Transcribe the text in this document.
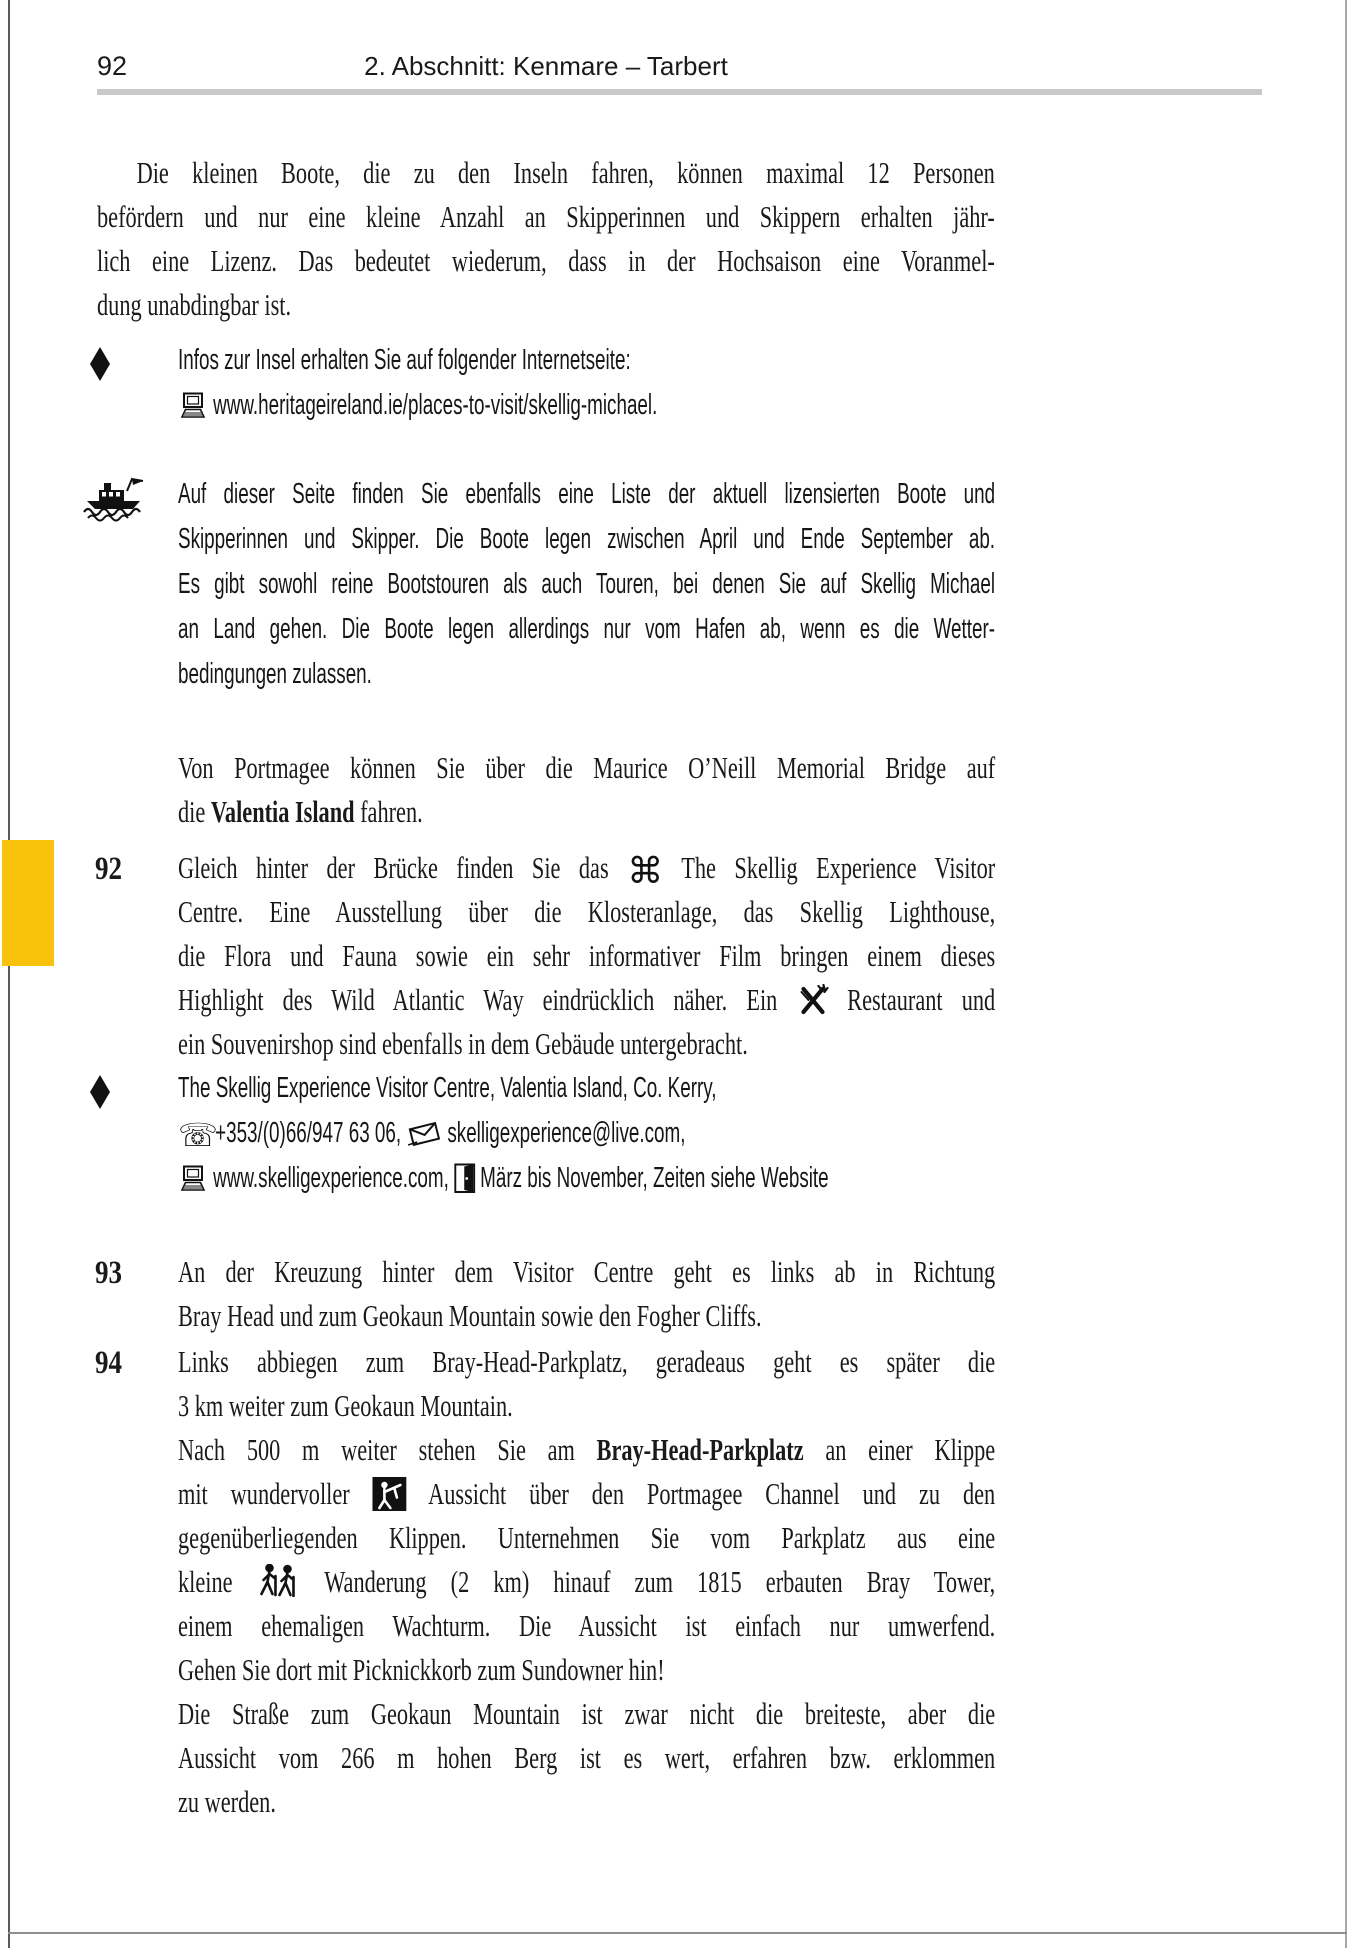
92	2. Abschnitt: Kenmare – Tarbert
92
93
94
Die kleinen Boote, die zu den Inseln fahren, können maximal 12 Personen
befördern und nur eine kleine Anzahl an Skipperinnen und Skippern erhalten jähr-
lich eine Lizenz. Das bedeutet wiederum, dass in der Hochsaison eine Voranmel-
dung unabdingbar ist.
Infos zur Insel erhalten Sie auf folgender Internetseite:
www.heritageireland.ie/places-to-visit/skellig-michael.
Auf dieser Seite finden Sie ebenfalls eine Liste der aktuell lizensierten Boote und
Skipperinnen und Skipper. Die Boote legen zwischen April und Ende September ab.
Es gibt sowohl reine Bootstouren als auch Touren, bei denen Sie auf Skellig Michael
an Land gehen. Die Boote legen allerdings nur vom Hafen ab, wenn es die Wetter-
bedingungen zulassen.
Von Portmagee können Sie über die Maurice O’Neill Memorial Bridge auf
die Valentia Island fahren.
Gleich hinter der Brücke finden Sie das ⌘ The Skellig Experience Visitor
Centre. Eine Ausstellung über die Klosteranlage, das Skellig Lighthouse,
die Flora und Fauna sowie ein sehr informativer Film bringen einem dieses
Highlight des Wild Atlantic Way eindrücklich näher. Ein
Restaurant und
ein Souvenirshop sind ebenfalls in dem Gebäude untergebracht.
The Skellig Experience Visitor Centre, Valentia Island, Co. Kerry,
☏
+353/(0)66/947 63 06,
skelligexperience@live.com,
www.skelligexperience.com,
März bis November, Zeiten siehe Website
An der Kreuzung hinter dem Visitor Centre geht es links ab in Richtung
Bray Head und zum Geokaun Mountain sowie den Fogher Cliffs.
Links abbiegen zum Bray-Head-Parkplatz, geradeaus geht es später die
3 km weiter zum Geokaun Mountain.
Nach 500 m weiter stehen Sie am Bray-Head-Parkplatz an einer Klippe
mit wundervoller
Aussicht über den Portmagee Channel und zu den
gegenüberliegenden Klippen. Unternehmen Sie vom Parkplatz aus eine
kleine
Wanderung (2 km) hinauf zum 1815 erbauten Bray Tower,
einem ehemaligen Wachturm. Die Aussicht ist einfach nur umwerfend.
Gehen Sie dort mit Picknickkorb zum Sundowner hin!
Die Straße zum Geokaun Mountain ist zwar nicht die breiteste, aber die
Aussicht vom 266 m hohen Berg ist es wert, erfahren bzw. erklommen
zu werden.
